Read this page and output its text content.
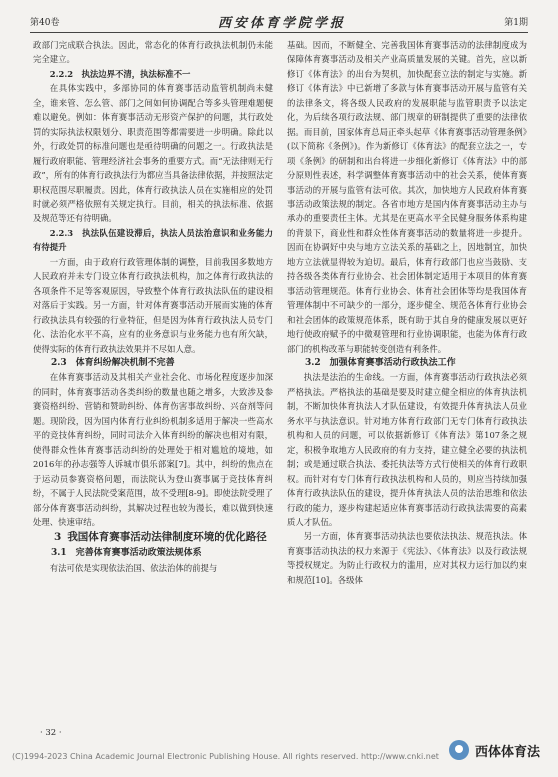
第40卷	西安体育学院学报	第1期

政部门完成联合执法。因此，常态化的体育行政执法机制仍未能完全建立。

2.2.2　执法边界不清，执法标准不一

在具体实践中，多部协同的体育赛事活动监管机制尚未健全，谁来管、怎么管、部门之间如何协调配合等多头管理难题便难以避免。例如：体育赛事活动无形资产保护的问题，其行政处罚的实际执法权限划分、职责范围等都需要进一步明确。除此以外，行政处罚的标准问题也是亟待明确的问题之一。行政执法是履行政府职能、管理经济社会事务的重要方式。而“无法律则无行政”，所有的体育行政执法行为都应当具备法律依据，并按照法定职权范围尽职履责。因此，体育行政执法人员在实施相应的处罚时就必须严格依照有关规定执行。目前，相关的执法标准、依据及规范等还有待明确。

2.2.3　执法队伍建设滞后，执法人员法治意识和业务能力有待提升

一方面，由于政府行政管理体制的调整，目前我国多数地方人民政府并未专门设立体育行政执法机构，加之体育行政执法的各项条件不足等客观原因，导致整个体育行政执法队伍的建设相对落后于实践。另一方面，针对体育赛事活动开展而实施的体育行政执法具有较强的行业特征，但是因为体育行政执法人员专门化、法治化水平不高，应有的业务意识与业务能力也有所欠缺，使得实际的体育行政执法效果并不尽如人意。

2.3　体育纠纷解决机制不完善

在体育赛事活动及其相关产业社会化、市场化程度逐步加深的同时，体育赛事活动各类纠纷的数量也随之增多，大致涉及参赛资格纠纷、营销和赞助纠纷、体育伤害事故纠纷、兴奋剂等问题。现阶段，因为国内体育行业纠纷机制多适用于解决一些高水平的竞技体育纠纷，同时司法介入体育纠纷的解决也相对有限，使得群众性体育赛事活动纠纷的处理处于相对尴尬的境地，如2016年的孙志强等人诉城市俱乐部案[7]。其中，纠纷的焦点在于运动员参赛资格问题，而法院认为登山赛事属于竞技体育纠纷，不属于人民法院受案范围，故不受理[8-9]。即使法院受理了部分体育赛事活动纠纷，其解决过程也较为漫长，难以做到快速处理、快速审结。

3 我国体育赛事活动法律制度环境的优化路径

3.1　完善体育赛事活动政策法规体系

有法可依是实现依法治国、依法治体的前提与

基础。因而，不断健全、完善我国体育赛事活动的法律制度成为保障体育赛事活动及相关产业高质量发展的关键。首先，应以新修订《体育法》的出台为契机，加快配套立法的制定与实施。新修订《体育法》中已新增了多款与体育赛事活动开展与监管有关的法律条文，将各级人民政府的发展职能与监管职责予以法定化，为后续各项行政法规、部门规章的研制提供了重要的法律依据。而目前，国家体育总局正牵头起草《体育赛事活动管理条例》(以下简称《条例》)。作为新修订《体育法》的配套立法之一，专项《条例》的研制和出台将进一步细化新修订《体育法》中的部分原则性表述，科学调整体育赛事活动中的社会关系，使体育赛事活动的开展与监管有法可依。其次，加快地方人民政府体育赛事活动政策法规的制定。各省市地方是国内体育赛事活动主办与承办的重要责任主体。尤其是在更高水平全民健身服务体系构建的背景下，商业性和群众性体育赛事活动的数量将进一步提升。因而在协调好中央与地方立法关系的基础之上，因地制宜，加快地方立法就显得较为迫切。最后，体育行政部门也应当鼓励、支持各级各类体育行业协会、社会团体制定适用于本项目的体育赛事活动管理规范。体育行业协会、体育社会团体等均是我国体育管理体制中不可缺少的一部分，逐步健全、规范各体育行业协会和社会团体的政策规范体系，既有助于其自身的健康发展以更好地行使政府赋予的中微观管理和行业协调职能，也能为体育行政部门的机构改革与职能转变创造有利条件。

3.2　加强体育赛事活动行政执法工作

执法是法治的生命线。一方面，体育赛事活动行政执法必须严格执法。严格执法的基础是要及时建立健全相应的体育执法机制，不断加快体育执法人才队伍建设，有效提升体育执法人员业务水平与执法意识。针对地方体育行政部门无专门体育行政执法机构和人员的问题，可以依据新修订《体育法》第107条之规定，积极争取地方人民政府的有力支持，建立健全必要的执法机制；或是通过联合执法、委托执法等方式行使相关的体育行政职权。而针对有专门体育行政执法机构和人员的，则应当持续加强体育行政执法队伍的建设，提升体育执法人员的法治思维和依法行政的能力，逐步构建起适应体育赛事活动行政执法需要的高素质人才队伍。

另一方面，体育赛事活动执法也要依法执法、规范执法。体育赛事活动执法的权力来源于《宪法》、《体育法》以及行政法规等授权规定。为防止行政权力的滥用，应对其权力运行加以约束和规范[10]。各级体

· 32 ·
(C)1994-2023 China Academic Journal Electronic Publishing House. All rights reserved. http://www.cnki.net	西体体育法
